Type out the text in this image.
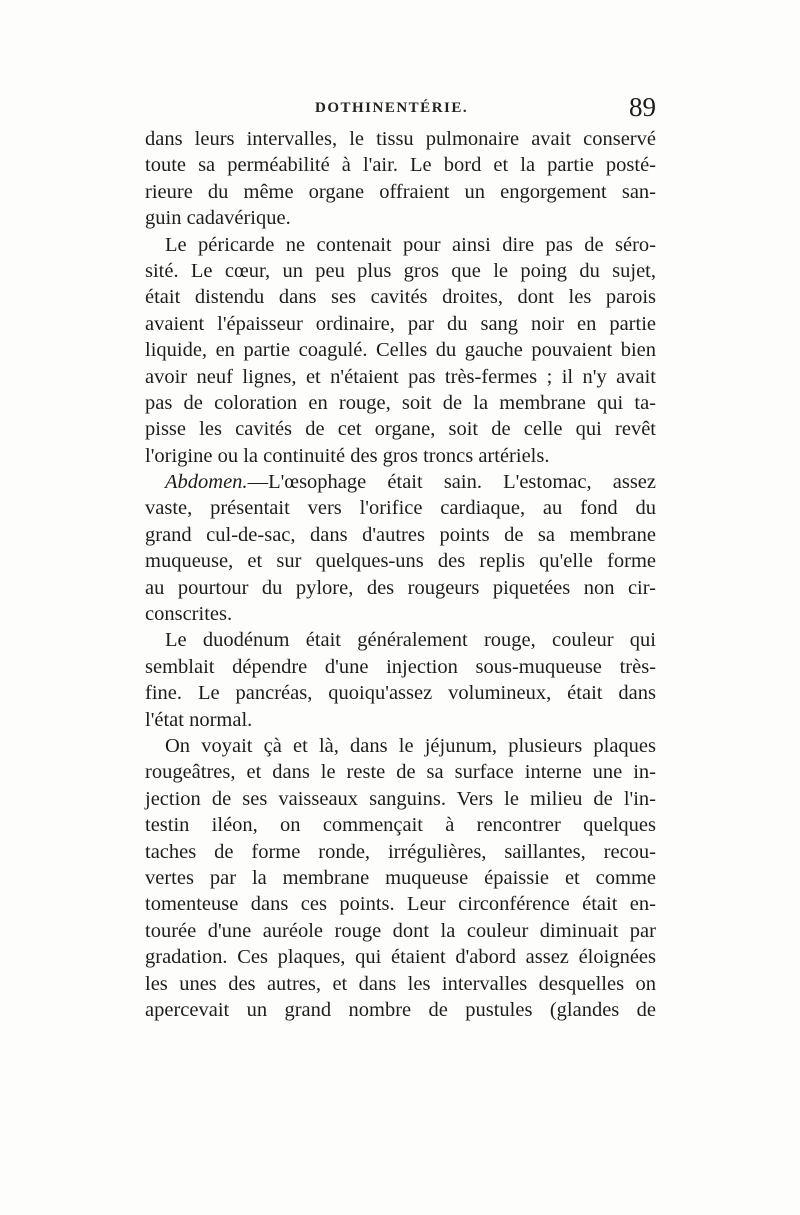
DOTHINENTÉRIE.	89
dans leurs intervalles, le tissu pulmonaire avait conservé
toute sa perméabilité à l'air. Le bord et la partie posté-
rieure du même organe offraient un engorgement san-
guin cadavérique.
Le péricarde ne contenait pour ainsi dire pas de séro-
sité. Le cœur, un peu plus gros que le poing du sujet,
était distendu dans ses cavités droites, dont les parois
avaient l'épaisseur ordinaire, par du sang noir en partie
liquide, en partie coagulé. Celles du gauche pouvaient bien
avoir neuf lignes, et n'étaient pas très-fermes ; il n'y avait
pas de coloration en rouge, soit de la membrane qui ta-
pisse les cavités de cet organe, soit de celle qui revêt
l'origine ou la continuité des gros troncs artériels.
Abdomen.—L'œsophage était sain. L'estomac, assez
vaste, présentait vers l'orifice cardiaque, au fond du
grand cul-de-sac, dans d'autres points de sa membrane
muqueuse, et sur quelques-uns des replis qu'elle forme
au pourtour du pylore, des rougeurs piquetées non cir-
conscrites.
Le duodénum était généralement rouge, couleur qui
semblait dépendre d'une injection sous-muqueuse très-
fine. Le pancréas, quoiqu'assez volumineux, était dans
l'état normal.
On voyait çà et là, dans le jéjunum, plusieurs plaques
rougeâtres, et dans le reste de sa surface interne une in-
jection de ses vaisseaux sanguins. Vers le milieu de l'in-
testin iléon, on commençait à rencontrer quelques
taches de forme ronde, irrégulières, saillantes, recou-
vertes par la membrane muqueuse épaissie et comme
tomenteuse dans ces points. Leur circonférence était en-
tourée d'une auréole rouge dont la couleur diminuait par
gradation. Ces plaques, qui étaient d'abord assez éloignées
les unes des autres, et dans les intervalles desquelles on
apercevait un grand nombre de pustules (glandes de
